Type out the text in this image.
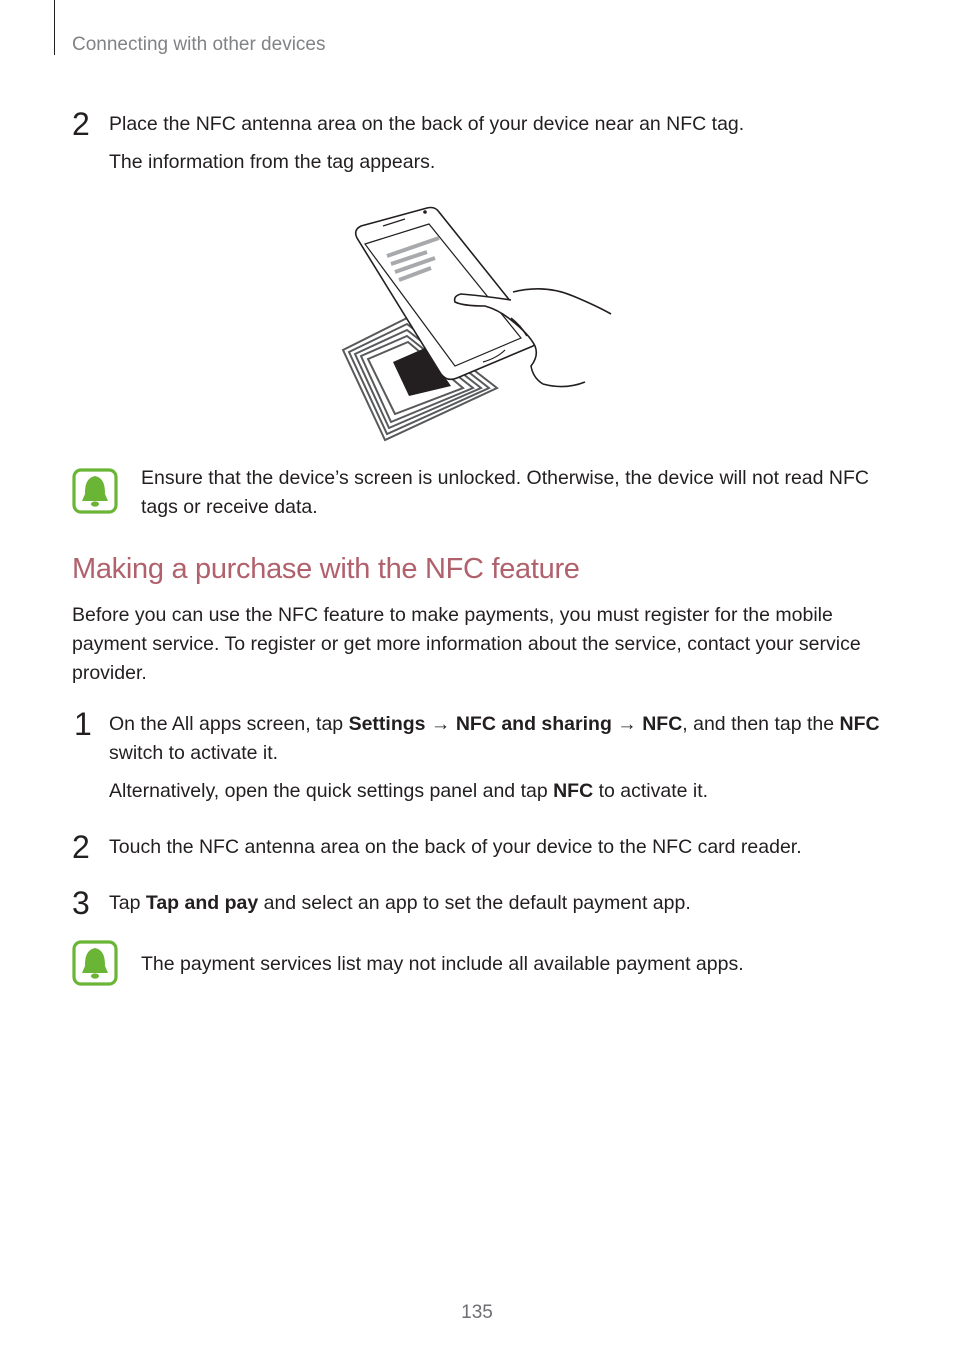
Connecting with other devices
2 Place the NFC antenna area on the back of your device near an NFC tag.
The information from the tag appears.
Ensure that the device’s screen is unlocked. Otherwise, the device will not read NFC
tags or receive data.
Making a purchase with the NFC feature
Before you can use the NFC feature to make payments, you must register for the mobile
payment service. To register or get more information about the service, contact your service
provider.
1 On the All apps screen, tap Settings → NFC and sharing → NFC, and then tap the NFC
switch to activate it.
Alternatively, open the quick settings panel and tap NFC to activate it.
2 Touch the NFC antenna area on the back of your device to the NFC card reader.
3 Tap Tap and pay and select an app to set the default payment app.
The payment services list may not include all available payment apps.
135
